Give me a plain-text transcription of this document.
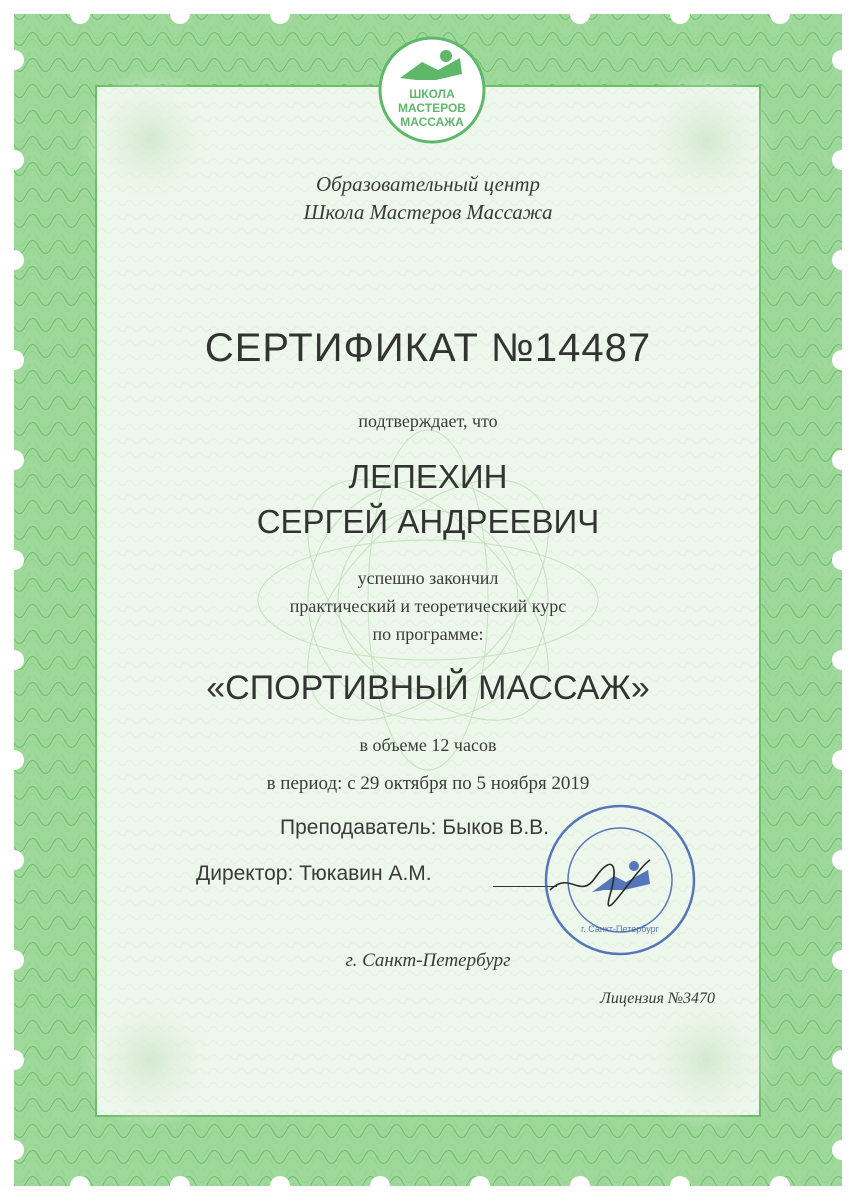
ШКОЛА
МАСТЕРОВ
МАССАЖА
Образовательный центр
Школа Мастеров Массажа
СЕРТИФИКАТ №14487
подтверждает, что
ЛЕПЕХИН
СЕРГЕЙ АНДРЕЕВИЧ
успешно закончил
практический и теоретический курс
по программе:
«СПОРТИВНЫЙ МАССАЖ»
в объеме 12 часов
в период: с 29 октября по 5 ноября 2019
Преподаватель: Быков В.В.
Директор: Тюкавин А.М.
г. Санкт-Петербург
г. Санкт-Петербург
Лицензия №3470
